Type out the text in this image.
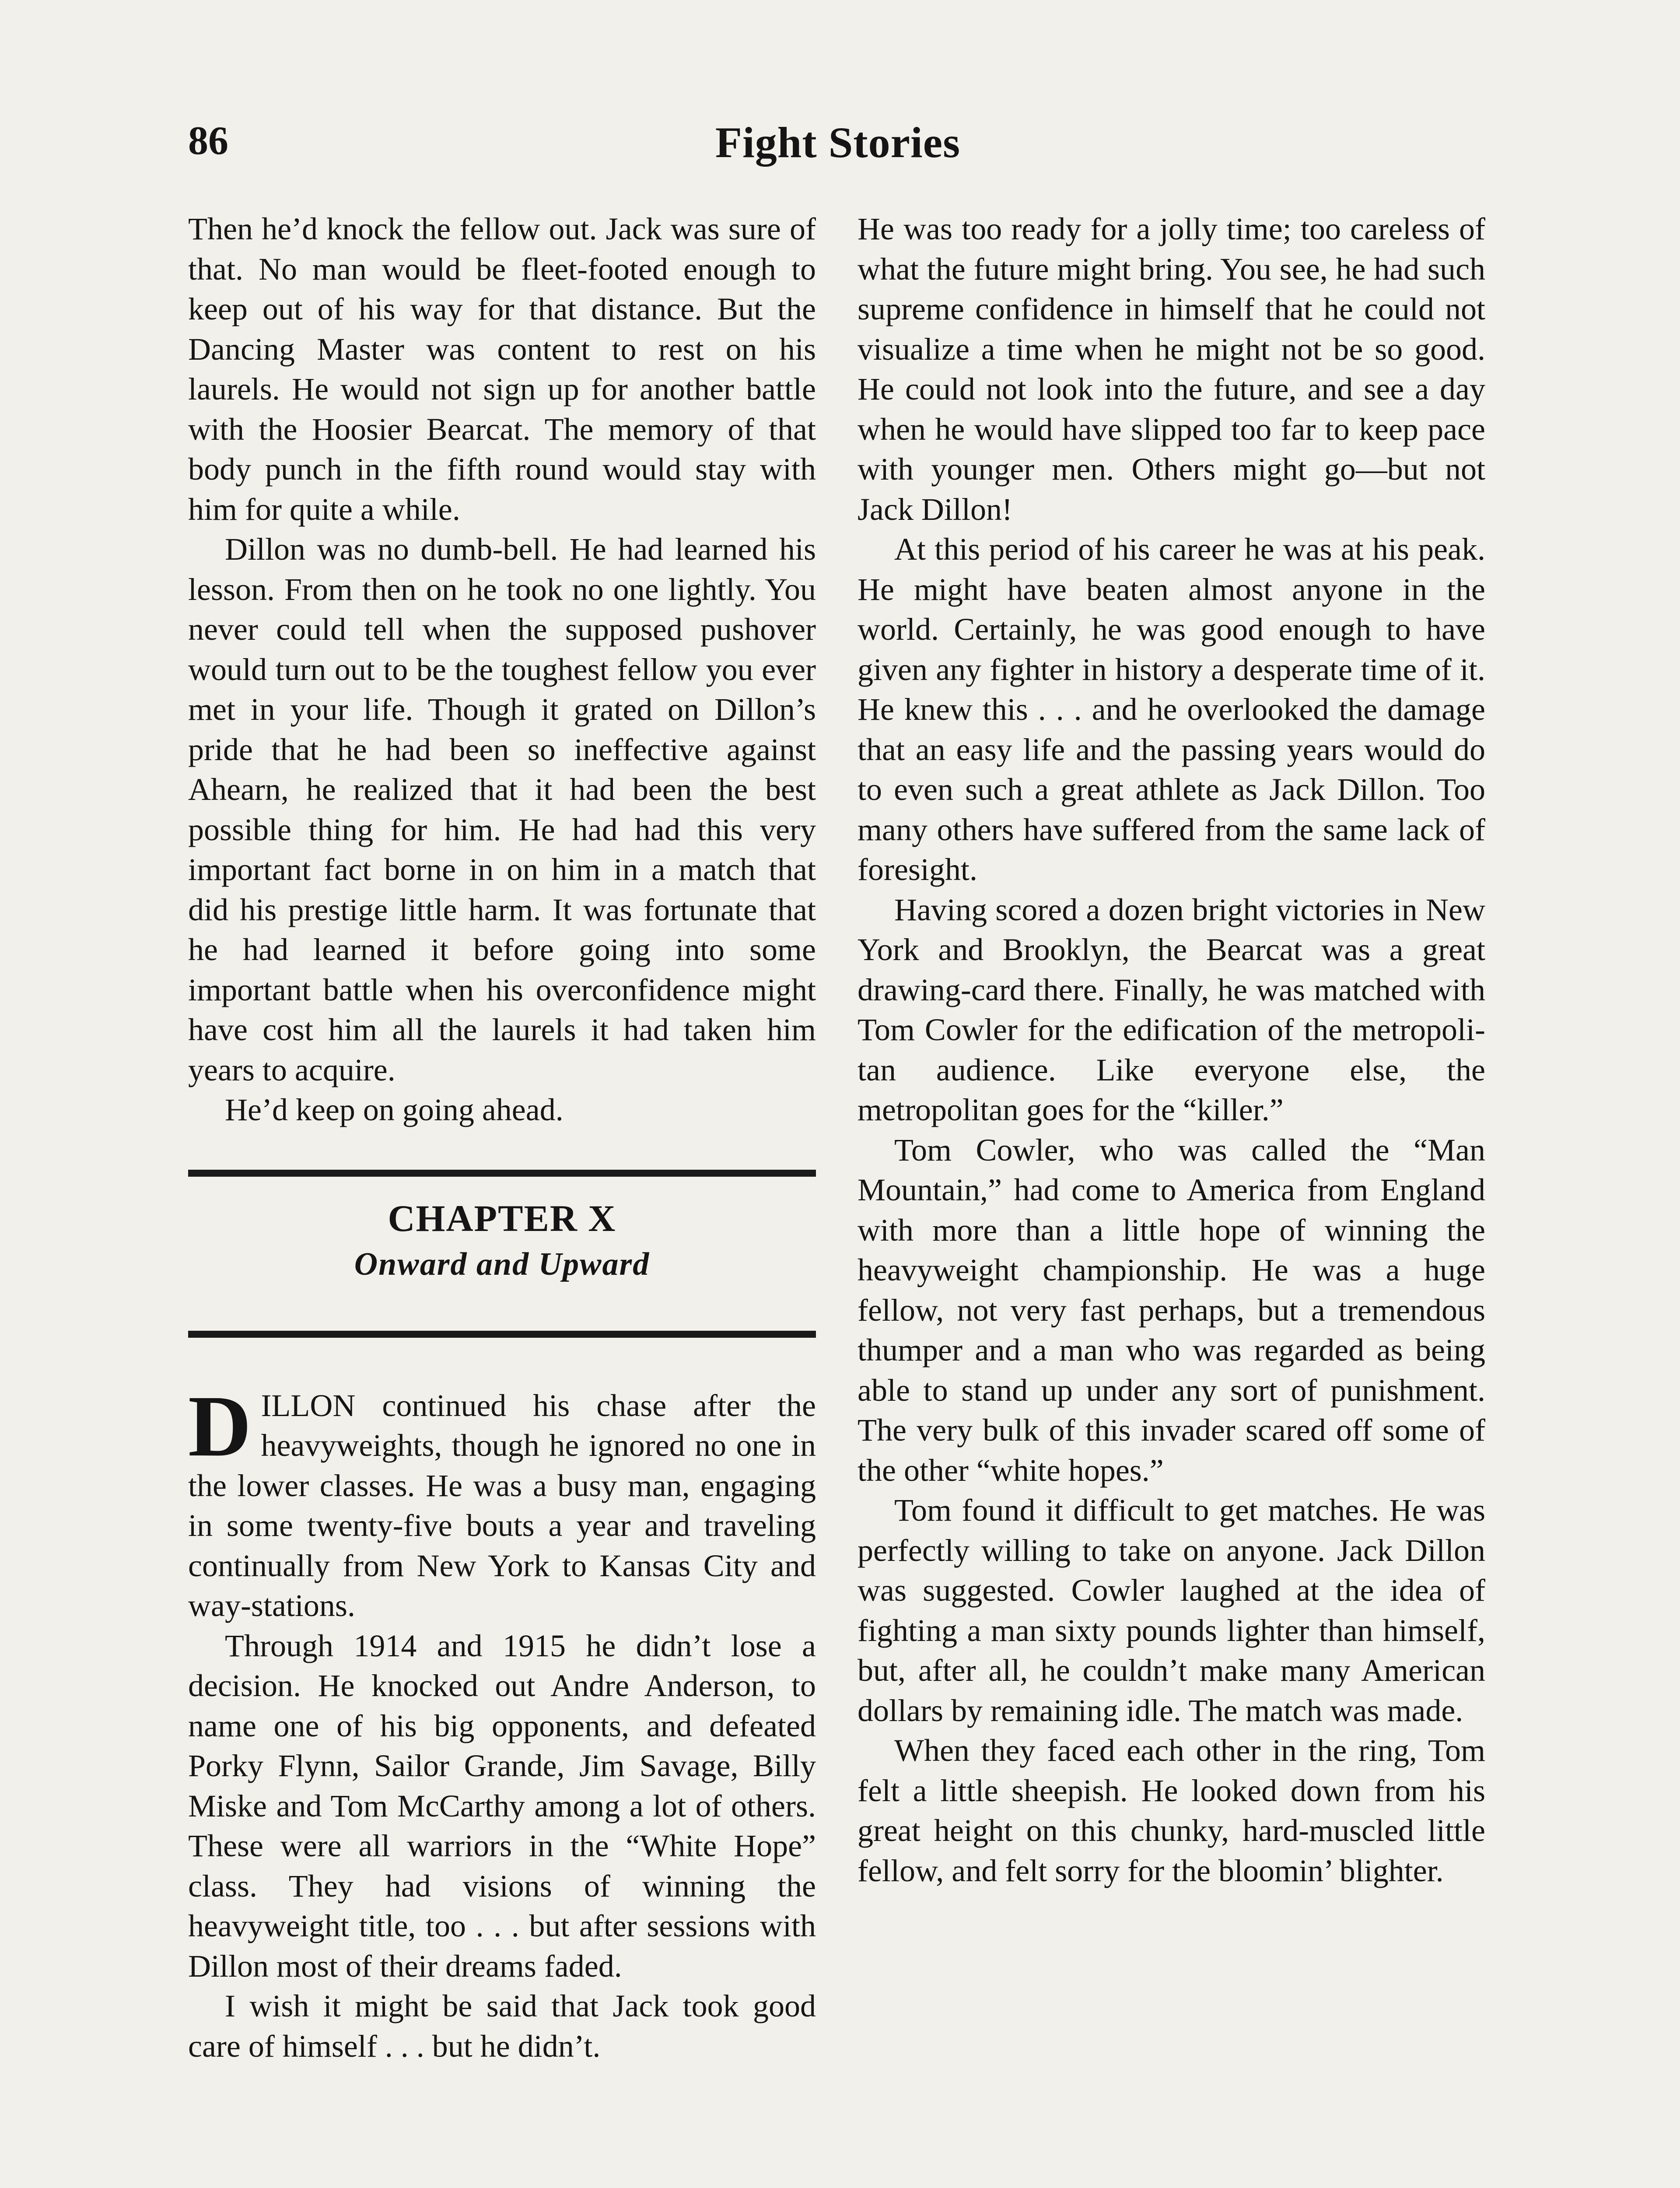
86	Fight Stories

Then he’d knock the fellow out. Jack was sure of that. No man would be fleet-footed enough to keep out of his way for that distance. But the Dancing Master was content to rest on his laurels. He would not sign up for another battle with the Hoosier Bearcat. The memory of that body punch in the fifth round would stay with him for quite a while.

Dillon was no dumb-bell. He had learned his lesson. From then on he took no one lightly. You never could tell when the supposed pushover would turn out to be the toughest fellow you ever met in your life. Though it grated on Dillon’s pride that he had been so ineffective against Ahearn, he realized that it had been the best possible thing for him. He had had this very important fact borne in on him in a match that did his prestige little harm. It was fortunate that he had learned it before going into some important battle when his overconfidence might have cost him all the laurels it had taken him years to acquire.

He’d keep on going ahead.

CHAPTER X
Onward and Upward

DILLON continued his chase after the heavyweights, though he ignored no one in the lower classes. He was a busy man, engaging in some twenty-five bouts a year and traveling continually from New York to Kansas City and way-stations.

Through 1914 and 1915 he didn’t lose a decision. He knocked out Andre Anderson, to name one of his big opponents, and defeated Porky Flynn, Sailor Grande, Jim Savage, Billy Miske and Tom McCarthy among a lot of others. These were all warriors in the “White Hope” class. They had visions of winning the heavyweight title, too . . . but after sessions with Dillon most of their dreams faded.

I wish it might be said that Jack took good care of himself . . . but he didn’t.

He was too ready for a jolly time; too careless of what the future might bring. You see, he had such supreme confidence in himself that he could not visualize a time when he might not be so good. He could not look into the future, and see a day when he would have slipped too far to keep pace with younger men. Others might go—but not Jack Dillon!

At this period of his career he was at his peak. He might have beaten almost anyone in the world. Certainly, he was good enough to have given any fighter in history a desperate time of it. He knew this . . . and he overlooked the damage that an easy life and the passing years would do to even such a great athlete as Jack Dillon. Too many others have suffered from the same lack of foresight.

Having scored a dozen bright victories in New York and Brooklyn, the Bearcat was a great drawing-card there. Finally, he was matched with Tom Cowler for the edification of the metropolitan audience. Like everyone else, the metropolitan goes for the “killer.”

Tom Cowler, who was called the “Man Mountain,” had come to America from England with more than a little hope of winning the heavyweight championship. He was a huge fellow, not very fast perhaps, but a tremendous thumper and a man who was regarded as being able to stand up under any sort of punishment. The very bulk of this invader scared off some of the other “white hopes.”

Tom found it difficult to get matches. He was perfectly willing to take on anyone. Jack Dillon was suggested. Cowler laughed at the idea of fighting a man sixty pounds lighter than himself, but, after all, he couldn’t make many American dollars by remaining idle. The match was made.

When they faced each other in the ring, Tom felt a little sheepish. He looked down from his great height on this chunky, hard-muscled little fellow, and felt sorry for the bloomin’ blighter.
